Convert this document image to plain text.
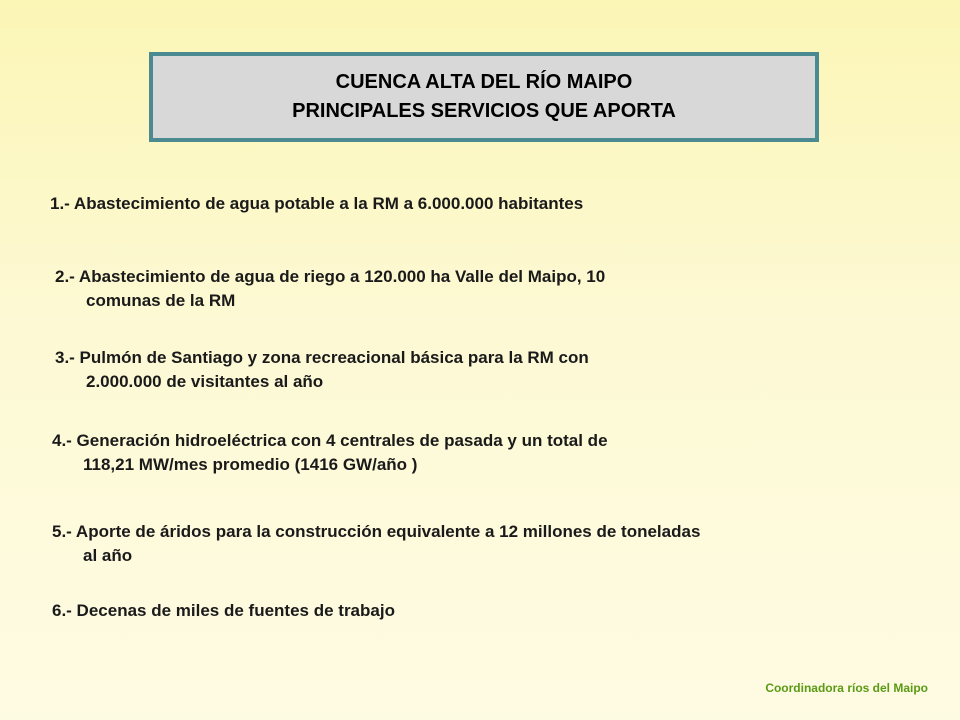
CUENCA ALTA DEL RÍO MAIPO
PRINCIPALES SERVICIOS QUE APORTA
1.- Abastecimiento de agua potable a la RM a 6.000.000 habitantes
2.- Abastecimiento de agua de riego a 120.000 ha Valle del Maipo, 10
comunas de la RM
3.- Pulmón de Santiago y zona recreacional básica para la RM con
2.000.000 de visitantes al año
4.- Generación hidroeléctrica con 4 centrales de pasada y un total de
118,21 MW/mes promedio (1416 GW/año )
5.- Aporte de áridos para la construcción equivalente a 12 millones de toneladas
al año
6.- Decenas de miles de fuentes de trabajo
Coordinadora ríos del Maipo
